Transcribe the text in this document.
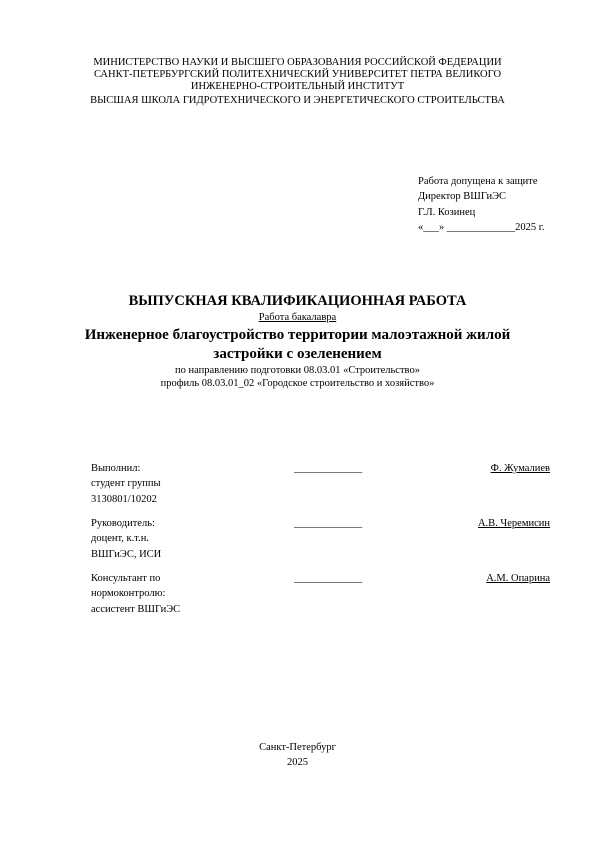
МИНИСТЕРСТВО НАУКИ И ВЫСШЕГО ОБРАЗОВАНИЯ РОССИЙСКОЙ ФЕДЕРАЦИИ
САНКТ-ПЕТЕРБУРГСКИЙ ПОЛИТЕХНИЧЕСКИЙ УНИВЕРСИТЕТ ПЕТРА ВЕЛИКОГО
ИНЖЕНЕРНО-СТРОИТЕЛЬНЫЙ ИНСТИТУТ
ВЫСШАЯ ШКОЛА ГИДРОТЕХНИЧЕСКОГО И ЭНЕРГЕТИЧЕСКОГО СТРОИТЕЛЬСТВА
Работа допущена к защите
Директор ВШГиЭС
Г.Л. Козинец
«___» _____________2025 г.
ВЫПУСКНАЯ КВАЛИФИКАЦИОННАЯ РАБОТА
Работа бакалавра
Инженерное благоустройство территории малоэтажной жилой застройки с озеленением
по направлению подготовки 08.03.01 «Строительство»
профиль 08.03.01_02 «Городское строительство и хозяйство»
Выполнил:
студент группы
3130801/10202
_____________	Ф. Жумалиев
Руководитель:
доцент, к.т.н.
ВШГиЭС, ИСИ
_____________	А.В. Черемисин
Консультант по
нормоконтролю:
ассистент ВШГиЭС
_____________	А.М. Опарина
Санкт-Петербург
2025
